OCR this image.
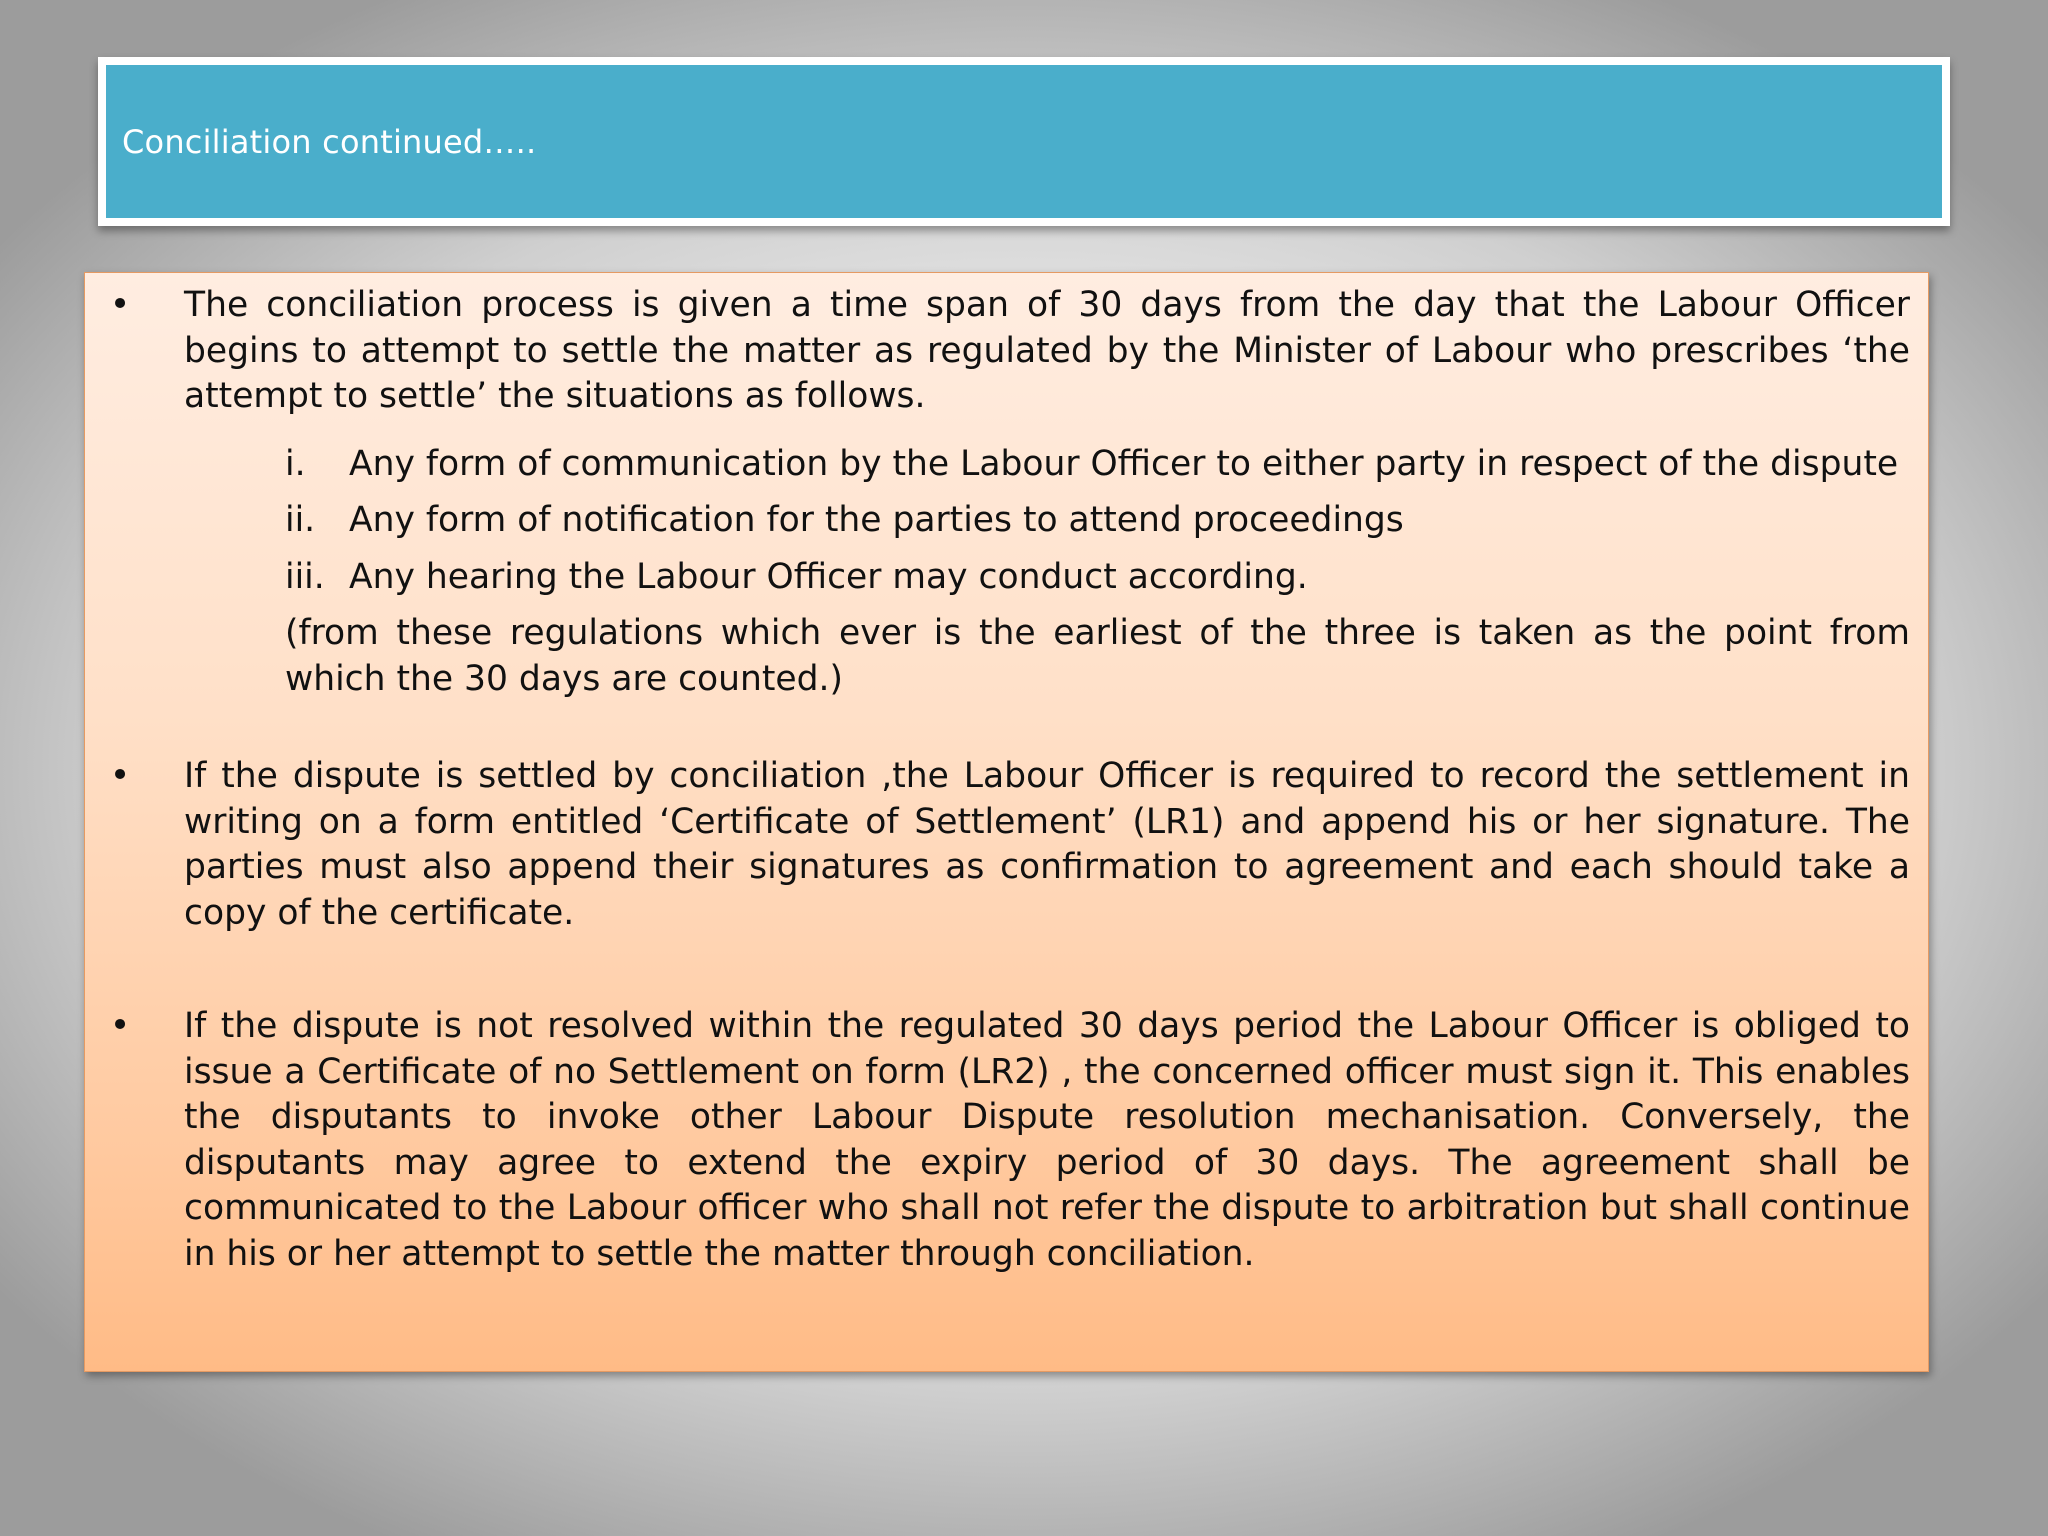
Conciliation continued…..
• The conciliation process is given a time span of 30 days from the day that the Labour Officer begins to attempt to settle the matter as regulated by the Minister of Labour who prescribes ‘the attempt to settle’ the situations as follows.
i. Any form of communication by the Labour Officer to either party in respect of the dispute
ii. Any form of notification for the parties to attend proceedings
iii. Any hearing the Labour Officer may conduct according.
(from these regulations which ever is the earliest of the three is taken as the point from which the 30 days are counted.)
• If the dispute is settled by conciliation ,the Labour Officer is required to record the settlement in writing on a form entitled ‘Certificate of Settlement’ (LR1) and append his or her signature. The parties must also append their signatures as confirmation to agreement and each should take a copy of the certificate.
• If the dispute is not resolved within the regulated 30 days period the Labour Officer is obliged to issue a Certificate of no Settlement on form (LR2) , the concerned officer must sign it. This enables the disputants to invoke other Labour Dispute resolution mechanisation. Conversely, the disputants may agree to extend the expiry period of 30 days. The agreement shall be communicated to the Labour officer who shall not refer the dispute to arbitration but shall continue in his or her attempt to settle the matter through conciliation.
